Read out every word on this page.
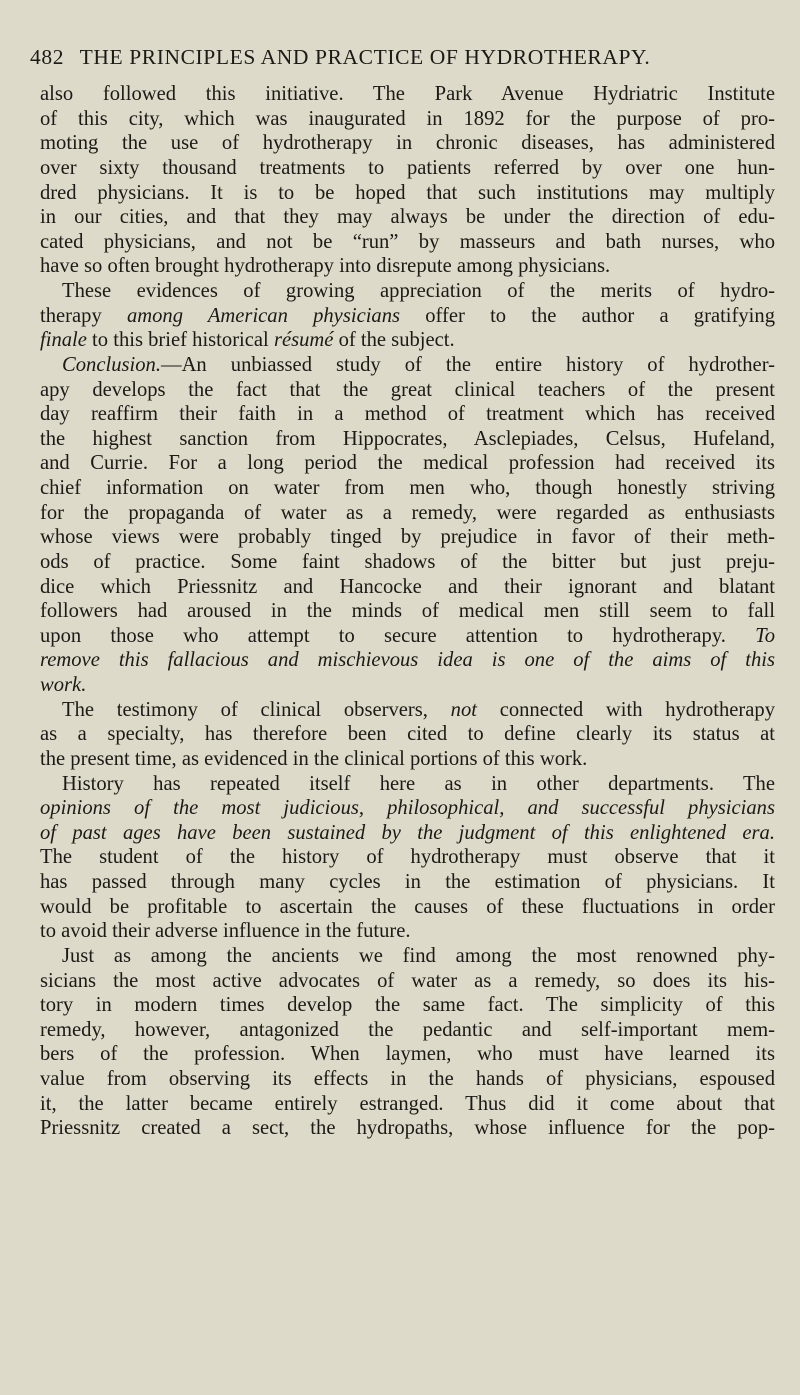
482 THE PRINCIPLES AND PRACTICE OF HYDROTHERAPY.
also followed this initiative. The Park Avenue Hydriatric Institute
of this city, which was inaugurated in 1892 for the purpose of pro-
moting the use of hydrotherapy in chronic diseases, has administered
over sixty thousand treatments to patients referred by over one hun-
dred physicians. It is to be hoped that such institutions may multiply
in our cities, and that they may always be under the direction of edu-
cated physicians, and not be “run” by masseurs and bath nurses, who
have so often brought hydrotherapy into disrepute among physicians.
These evidences of growing appreciation of the merits of hydro-
therapy among American physicians offer to the author a gratifying
finale to this brief historical résumé of the subject.
Conclusion.—An unbiassed study of the entire history of hydrother-
apy develops the fact that the great clinical teachers of the present
day reaffirm their faith in a method of treatment which has received
the highest sanction from Hippocrates, Asclepiades, Celsus, Hufeland,
and Currie. For a long period the medical profession had received its
chief information on water from men who, though honestly striving
for the propaganda of water as a remedy, were regarded as enthusiasts
whose views were probably tinged by prejudice in favor of their meth-
ods of practice. Some faint shadows of the bitter but just preju-
dice which Priessnitz and Hancocke and their ignorant and blatant
followers had aroused in the minds of medical men still seem to fall
upon those who attempt to secure attention to hydrotherapy. To
remove this fallacious and mischievous idea is one of the aims of this
work.
The testimony of clinical observers, not connected with hydrotherapy
as a specialty, has therefore been cited to define clearly its status at
the present time, as evidenced in the clinical portions of this work.
History has repeated itself here as in other departments. The
opinions of the most judicious, philosophical, and successful physicians
of past ages have been sustained by the judgment of this enlightened era.
The student of the history of hydrotherapy must observe that it
has passed through many cycles in the estimation of physicians. It
would be profitable to ascertain the causes of these fluctuations in order
to avoid their adverse influence in the future.
Just as among the ancients we find among the most renowned phy-
sicians the most active advocates of water as a remedy, so does its his-
tory in modern times develop the same fact. The simplicity of this
remedy, however, antagonized the pedantic and self-important mem-
bers of the profession. When laymen, who must have learned its
value from observing its effects in the hands of physicians, espoused
it, the latter became entirely estranged. Thus did it come about that
Priessnitz created a sect, the hydropaths, whose influence for the pop-
